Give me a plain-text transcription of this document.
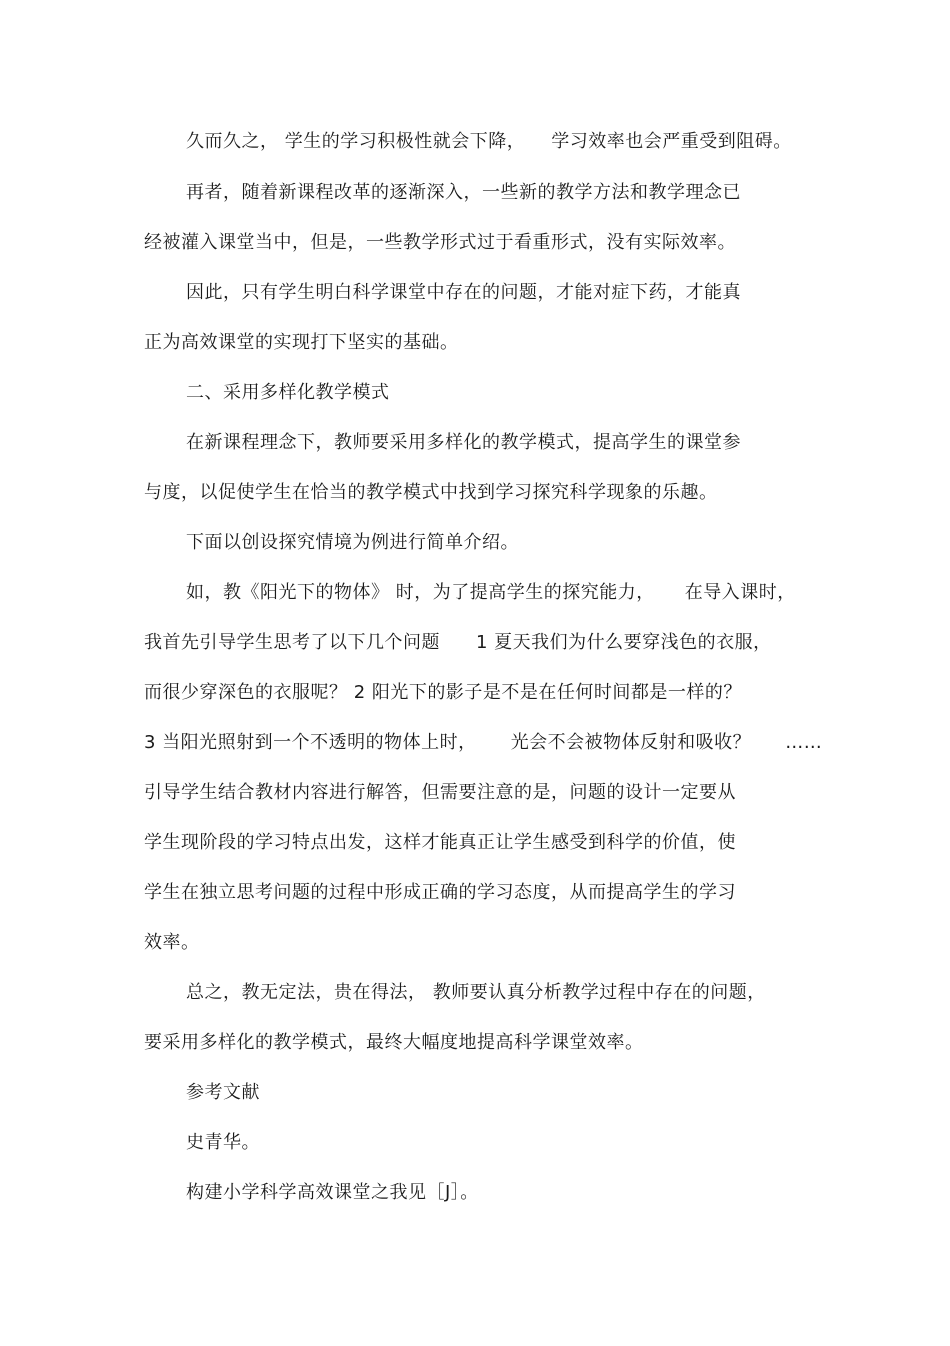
久而久之， 学生的学习积极性就会下降， 学习效率也会严重受到阻碍。
再者，随着新课程改革的逐渐深入，一些新的教学方法和教学理念已
经被灌入课堂当中，但是，一些教学形式过于看重形式，没有实际效率。
因此，只有学生明白科学课堂中存在的问题，才能对症下药，才能真
正为高效课堂的实现打下坚实的基础。
二、采用多样化教学模式
在新课程理念下，教师要采用多样化的教学模式，提高学生的课堂参
与度，以促使学生在恰当的教学模式中找到学习探究科学现象的乐趣。
下面以创设探究情境为例进行简单介绍。
如，教《阳光下的物体》 时，为了提高学生的探究能力， 在导入课时，
我首先引导学生思考了以下几个问题 1 夏天我们为什么要穿浅色的衣服，
而很少穿深色的衣服呢？ 2 阳光下的影子是不是在任何时间都是一样的？
3 当阳光照射到一个不透明的物体上时， 光会不会被物体反射和吸收？ ……
引导学生结合教材内容进行解答，但需要注意的是，问题的设计一定要从
学生现阶段的学习特点出发，这样才能真正让学生感受到科学的价值，使
学生在独立思考问题的过程中形成正确的学习态度，从而提高学生的学习
效率。
总之，教无定法，贵在得法， 教师要认真分析教学过程中存在的问题，
要采用多样化的教学模式，最终大幅度地提高科学课堂效率。
参考文献
史青华。
构建小学科学高效课堂之我见［J］。
